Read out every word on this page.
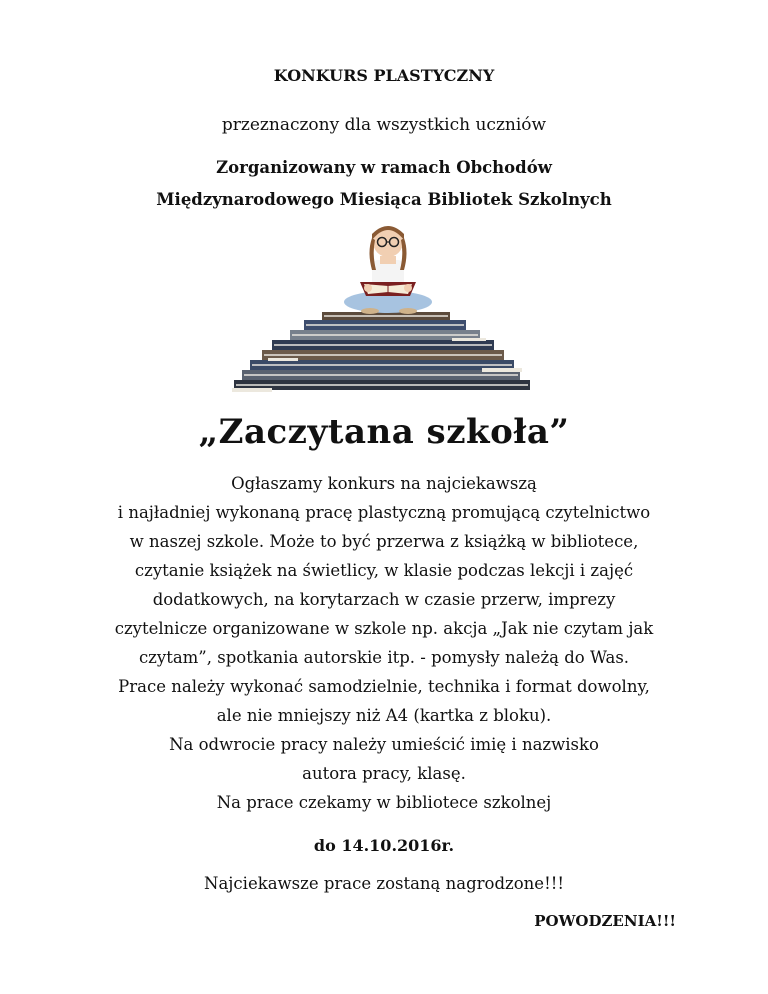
KONKURS PLASTYCZNY
przeznaczony dla wszystkich uczniów
Zorganizowany w ramach Obchodów
Międzynarodowego Miesiąca Bibliotek Szkolnych
„Zaczytana szkoła”
Ogłaszamy konkurs na najciekawszą
i najładniej wykonaną pracę plastyczną promującą czytelnictwo
w naszej szkole. Może to być przerwa z książką w bibliotece,
czytanie książek na świetlicy, w klasie podczas lekcji i zajęć
dodatkowych, na korytarzach w czasie przerw, imprezy
czytelnicze organizowane w szkole np. akcja „Jak nie czytam jak
czytam”, spotkania autorskie itp. - pomysły należą do Was.
Prace należy wykonać samodzielnie, technika i format dowolny,
ale nie mniejszy niż A4 (kartka z bloku).
Na odwrocie pracy należy umieścić imię i nazwisko
autora pracy, klasę.
Na prace czekamy w bibliotece szkolnej
do 14.10.2016r.
Najciekawsze prace zostaną nagrodzone!!!
POWODZENIA!!!
